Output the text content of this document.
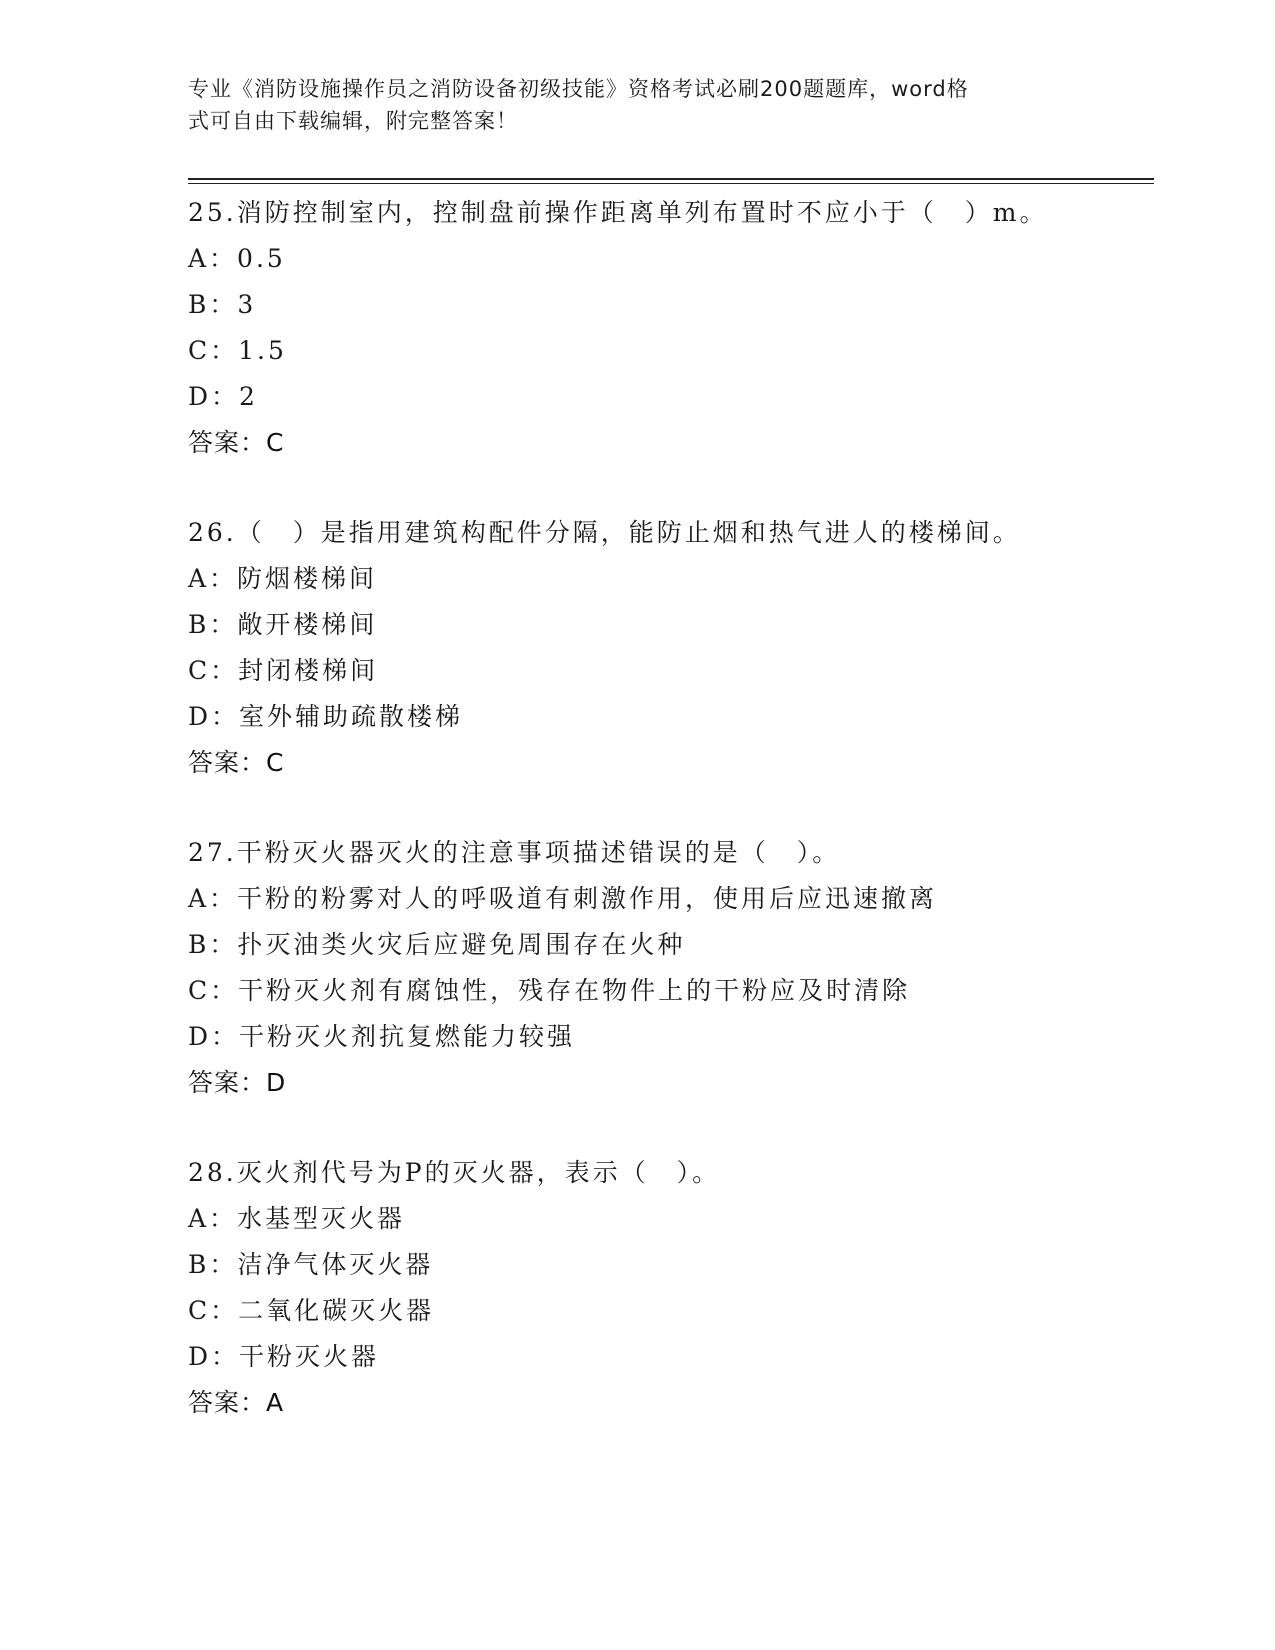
专业《消防设施操作员之消防设备初级技能》资格考试必刷200题题库，word格
式可自由下载编辑，附完整答案！
25.消防控制室内，控制盘前操作距离单列布置时不应小于（　）m。
A：0.5
B：3
C：1.5
D：2
答案：C
26.（　）是指用建筑构配件分隔，能防止烟和热气进人的楼梯间。
A：防烟楼梯间
B：敞开楼梯间
C：封闭楼梯间
D：室外辅助疏散楼梯
答案：C
27.干粉灭火器灭火的注意事项描述错误的是（　）。
A：干粉的粉雾对人的呼吸道有刺激作用，使用后应迅速撤离
B：扑灭油类火灾后应避免周围存在火种
C：干粉灭火剂有腐蚀性，残存在物件上的干粉应及时清除
D：干粉灭火剂抗复燃能力较强
答案：D
28.灭火剂代号为P的灭火器，表示（　）。
A：水基型灭火器
B：洁净气体灭火器
C：二氧化碳灭火器
D：干粉灭火器
答案：A
